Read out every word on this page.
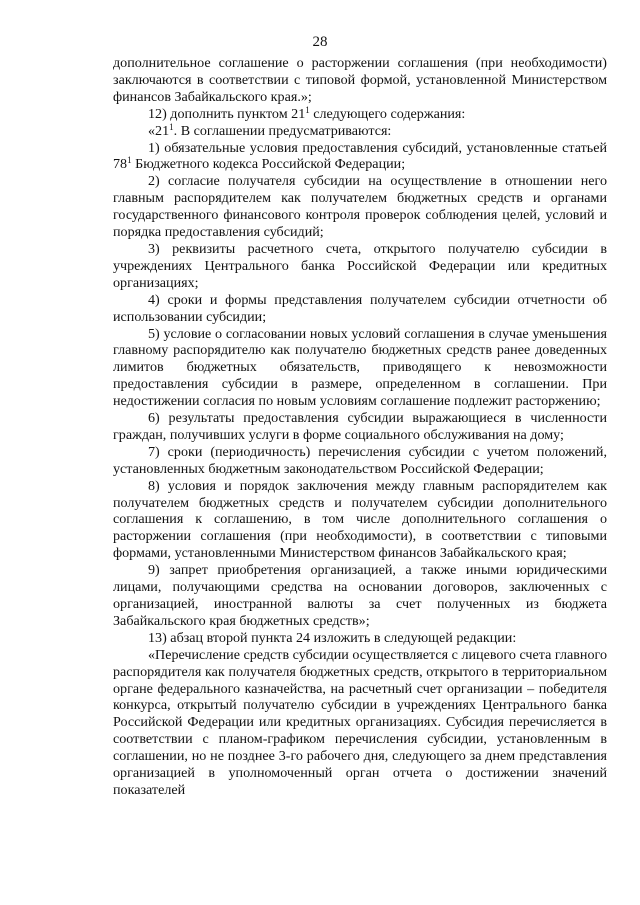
28

дополнительное соглашение о расторжении соглашения (при необходимости) заключаются в соответствии с типовой формой, установленной Министерством финансов Забайкальского края.»;

12) дополнить пунктом $21^1$ следующего содержания:

«$21^1$. В соглашении предусматриваются:

1) обязательные условия предоставления субсидий, установленные статьей $78^1$ Бюджетного кодекса Российской Федерации;

2) согласие получателя субсидии на осуществление в отношении него главным распорядителем как получателем бюджетных средств и органами государственного финансового контроля проверок соблюдения целей, условий и порядка предоставления субсидий;

3) реквизиты расчетного счета, открытого получателю субсидии в учреждениях Центрального банка Российской Федерации или кредитных организациях;

4) сроки и формы представления получателем субсидии отчетности об использовании субсидии;

5) условие о согласовании новых условий соглашения в случае уменьшения главному распорядителю как получателю бюджетных средств ранее доведенных лимитов бюджетных обязательств, приводящего к невозможности предоставления субсидии в размере, определенном в соглашении. При недостижении согласия по новым условиям соглашение подлежит расторжению;

6) результаты предоставления субсидии выражающиеся в численности граждан, получивших услуги в форме социального обслуживания на дому;

7) сроки (периодичность) перечисления субсидии с учетом положений, установленных бюджетным законодательством Российской Федерации;

8) условия и порядок заключения между главным распорядителем как получателем бюджетных средств и получателем субсидии дополнительного соглашения к соглашению, в том числе дополнительного соглашения о расторжении соглашения (при необходимости), в соответствии с типовыми формами, установленными Министерством финансов Забайкальского края;

9) запрет приобретения организацией, а также иными юридическими лицами, получающими средства на основании договоров, заключенных с организацией, иностранной валюты за счет полученных из бюджета Забайкальского края бюджетных средств»;

13) абзац второй пункта 24 изложить в следующей редакции:

«Перечисление средств субсидии осуществляется с лицевого счета главного распорядителя как получателя бюджетных средств, открытого в территориальном органе федерального казначейства, на расчетный счет организации – победителя конкурса, открытый получателю субсидии в учреждениях Центрального банка Российской Федерации или кредитных организациях. Субсидия перечисляется в соответствии с планом-графиком перечисления субсидии, установленным в соглашении, но не позднее 3-го рабочего дня, следующего за днем представления организацией в уполномоченный орган отчета о достижении значений показателей
